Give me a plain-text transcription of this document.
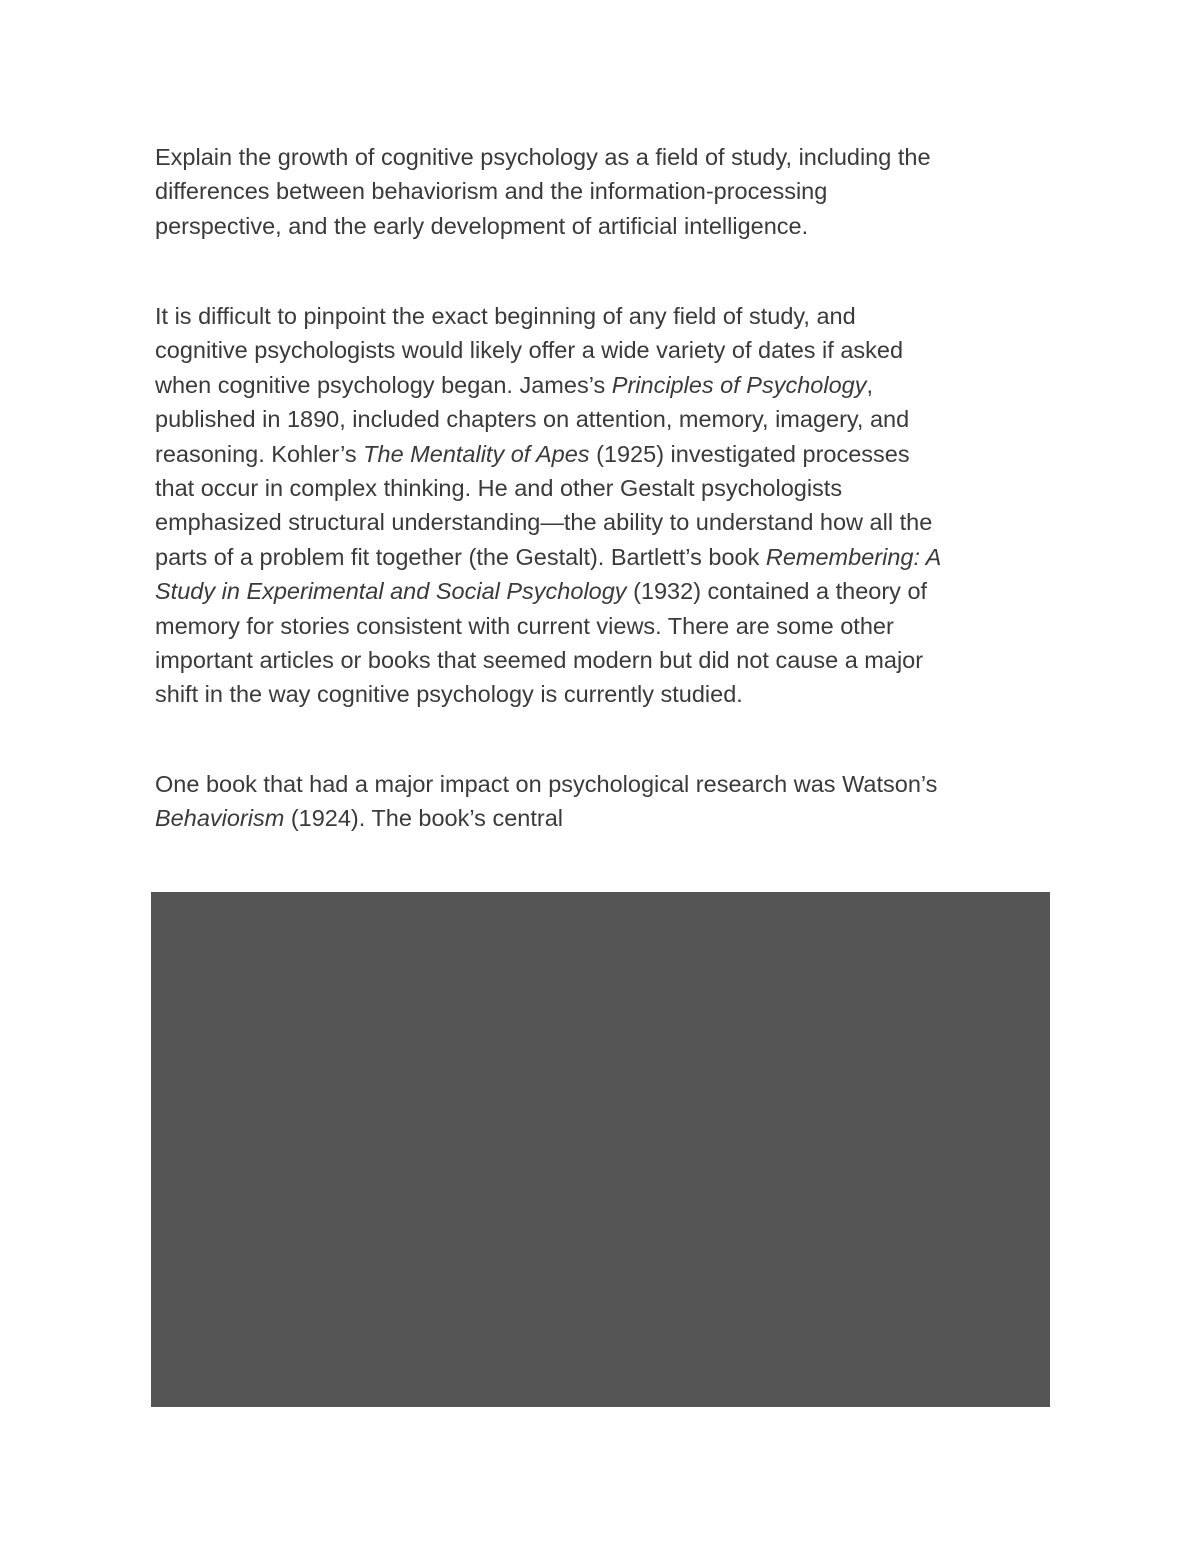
Explain the growth of cognitive psychology as a field of study, including the
differences between behaviorism and the information-processing
perspective, and the early development of artificial intelligence.

It is difficult to pinpoint the exact beginning of any field of study, and
cognitive psychologists would likely offer a wide variety of dates if asked
when cognitive psychology began. James’s Principles of Psychology,
published in 1890, included chapters on attention, memory, imagery, and
reasoning. Kohler’s The Mentality of Apes (1925) investigated processes
that occur in complex thinking. He and other Gestalt psychologists
emphasized structural understanding—the ability to understand how all the
parts of a problem fit together (the Gestalt). Bartlett’s book Remembering: A
Study in Experimental and Social Psychology (1932) contained a theory of
memory for stories consistent with current views. There are some other
important articles or books that seemed modern but did not cause a major
shift in the way cognitive psychology is currently studied.

One book that had a major impact on psychological research was Watson’s
Behaviorism (1924). The book’s central
